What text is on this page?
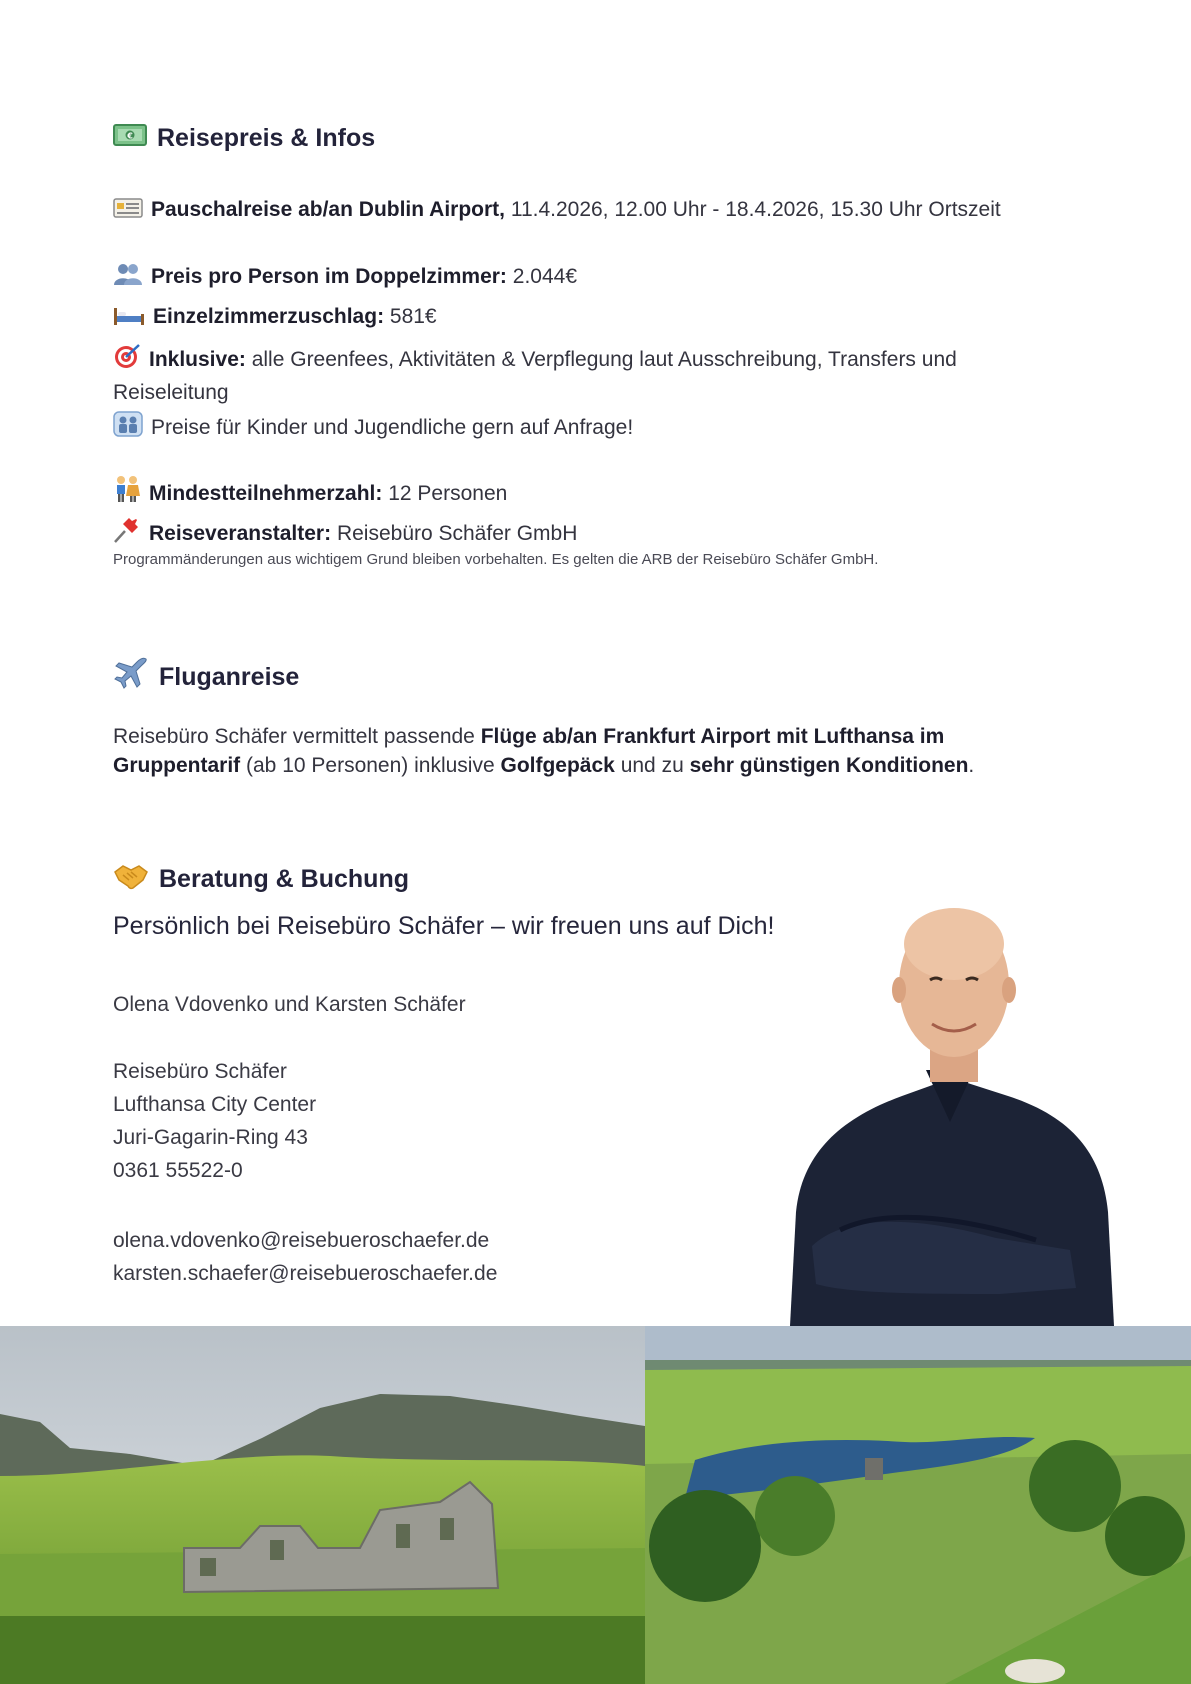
€ Reisepreis & Infos
Pauschalreise ab/an Dublin Airport, 11.4.2026, 12.00 Uhr - 18.4.2026, 15.30 Uhr Ortszeit
Preis pro Person im Doppelzimmer: 2.044€
Einzelzimmerzuschlag: 581€
Inklusive: alle Greenfees, Aktivitäten & Verpflegung laut Ausschreibung, Transfers und Reiseleitung
Preise für Kinder und Jugendliche gern auf Anfrage!
Mindestteilnehmerzahl: 12 Personen
Reiseveranstalter: Reisebüro Schäfer GmbH
Programmänderungen aus wichtigem Grund bleiben vorbehalten. Es gelten die ARB der Reisebüro Schäfer GmbH.
Fluganreise
Reisebüro Schäfer vermittelt passende Flüge ab/an Frankfurt Airport mit Lufthansa im Gruppentarif (ab 10 Personen) inklusive Golfgepäck und zu sehr günstigen Konditionen.
Beratung & Buchung
Persönlich bei Reisebüro Schäfer – wir freuen uns auf Dich!
Olena Vdovenko und Karsten Schäfer
Reisebüro Schäfer
Lufthansa City Center
Juri-Gagarin-Ring 43
0361 55522-0
olena.vdovenko@reisebueroschaefer.de
karsten.schaefer@reisebueroschaefer.de
